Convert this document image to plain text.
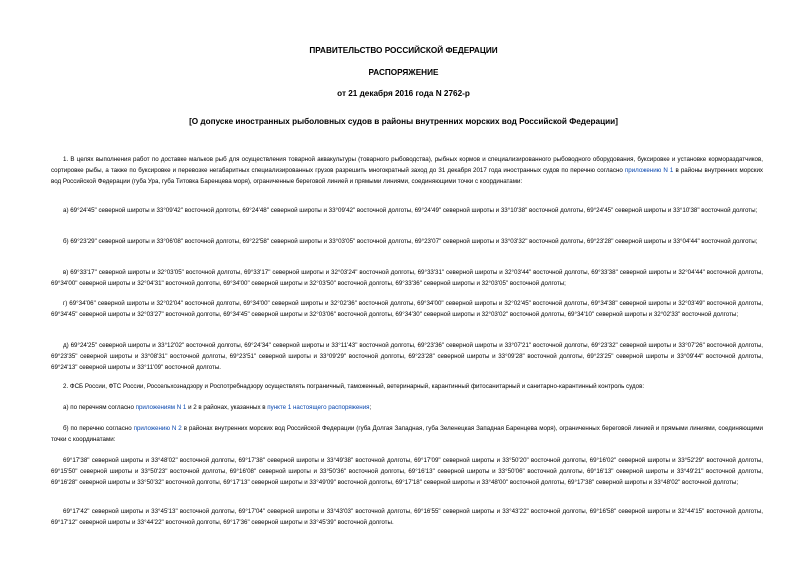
ПРАВИТЕЛЬСТВО РОССИЙСКОЙ ФЕДЕРАЦИИ
РАСПОРЯЖЕНИЕ
от 21 декабря 2016 года N 2762-р
[О допуске иностранных рыболовных судов в районы внутренних морских вод Российской Федерации]
1. В целях выполнения работ по доставке мальков рыб для осуществления товарной аквакультуры (товарного рыбоводства), рыбных кормов и специализированного рыбоводного оборудования, буксировке и установке кормораздатчиков, сортировке рыбы, а также по буксировке и перевозке негабаритных специализированных грузов разрешить многократный заход до 31 декабря 2017 года иностранных судов по перечню согласно приложению N 1 в районы внутренних морских вод Российской Федерации (губа Ура, губа Титовка Баренцева моря), ограниченные береговой линией и прямыми линиями, соединяющими точки с координатами:
а) 69°24'45" северной широты и 33°09'42" восточной долготы, 69°24'48" северной широты и 33°09'42" восточной долготы, 69°24'49" северной широты и 33°10'38" восточной долготы, 69°24'45" северной широты и 33°10'38" восточной долготы;
б) 69°23'29" северной широты и 33°06'08" восточной долготы, 69°22'58" северной широты и 33°03'05" восточной долготы, 69°23'07" северной широты и 33°03'32" восточной долготы, 69°23'28" северной широты и 33°04'44" восточной долготы;
в) 69°33'17" северной широты и 32°03'05" восточной долготы, 69°33'17" северной широты и 32°03'24" восточной долготы, 69°33'31" северной широты и 32°03'44" восточной долготы, 69°33'38" северной широты и 32°04'44" восточной долготы, 69°34'00" северной широты и 32°04'31" восточной долготы, 69°34'00" северной широты и 32°03'50" восточной долготы, 69°33'36" северной широты и 32°03'05" восточной долготы;
г) 69°34'06" северной широты и 32°02'04" восточной долготы, 69°34'00" северной широты и 32°02'36" восточной долготы, 69°34'00" северной широты и 32°02'45" восточной долготы, 69°34'38" северной широты и 32°03'49" восточной долготы, 69°34'45" северной широты и 32°03'27" восточной долготы, 69°34'45" северной широты и 32°03'06" восточной долготы, 69°34'30" северной широты и 32°03'02" восточной долготы, 69°34'10" северной широты и 32°02'33" восточной долготы;
д) 69°24'25" северной широты и 33°12'02" восточной долготы, 69°24'34" северной широты и 33°11'43" восточной долготы, 69°23'36" северной широты и 33°07'21" восточной долготы, 69°23'32" северной широты и 33°07'26" восточной долготы, 69°23'35" северной широты и 33°08'31" восточной долготы, 69°23'51" северной широты и 33°09'29" восточной долготы, 69°23'28" северной широты и 33°09'28" восточной долготы, 69°23'25" северной широты и 33°09'44" восточной долготы, 69°24'13" северной широты и 33°11'09" восточной долготы.
2. ФСБ России, ФТС России, Россельхознадзору и Роспотребнадзору осуществлять пограничный, таможенный, ветеринарный, карантинный фитосанитарный и санитарно-карантинный контроль судов:
а) по перечням согласно приложениям N 1 и 2 в районах, указанных в пункте 1 настоящего распоряжения;
б) по перечню согласно приложению N 2 в районах внутренних морских вод Российской Федерации (губа Долгая Западная, губа Зеленецкая Западная Баренцева моря), ограниченных береговой линией и прямыми линиями, соединяющими точки с координатами:
69°17'38" северной широты и 33°48'02" восточной долготы, 69°17'38" северной широты и 33°49'38" восточной долготы, 69°17'09" северной широты и 33°50'20" восточной долготы, 69°16'02" северной широты и 33°52'29" восточной долготы, 69°15'50" северной широты и 33°50'23" восточной долготы, 69°16'08" северной широты и 33°50'36" восточной долготы, 69°16'13" северной широты и 33°50'06" восточной долготы, 69°16'13" северной широты и 33°49'21" восточной долготы, 69°16'28" северной широты и 33°50'32" восточной долготы, 69°17'13" северной широты и 33°49'09" восточной долготы, 69°17'18" северной широты и 33°48'00" восточной долготы, 69°17'38" северной широты и 33°48'02" восточной долготы;
69°17'42" северной широты и 33°45'13" восточной долготы, 69°17'04" северной широты и 33°43'03" восточной долготы, 69°16'55" северной широты и 33°43'22" восточной долготы, 69°16'58" северной широты и 32°44'15" восточной долготы, 69°17'12" северной широты и 33°44'22" восточной долготы, 69°17'36" северной широты и 33°45'39" восточной долготы.
